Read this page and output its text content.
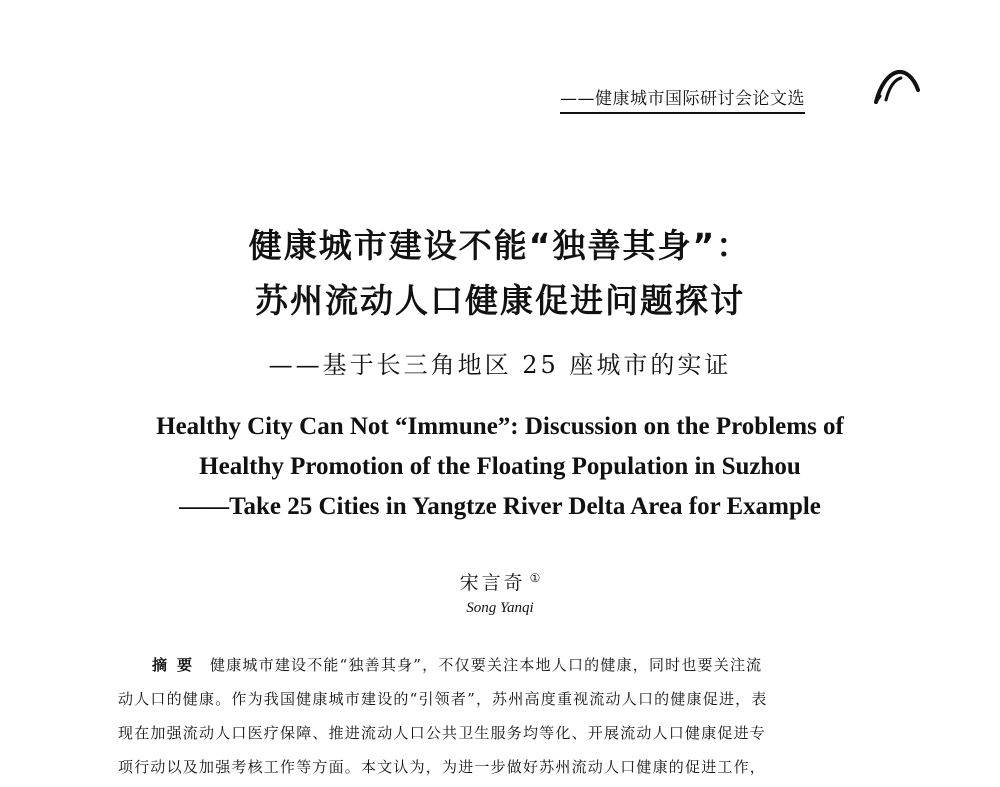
——健康城市国际研讨会论文选
健康城市建设不能“独善其身”：
苏州流动人口健康促进问题探讨
——基于长三角地区 25 座城市的实证
Healthy City Can Not “Immune”: Discussion on the Problems of
Healthy Promotion of the Floating Population in Suzhou
——Take 25 Cities in Yangtze River Delta Area for Example
宋言奇 ①
Song Yanqi
摘要 健康城市建设不能“独善其身”，不仅要关注本地人口的健康，同时也要关注流
动人口的健康。作为我国健康城市建设的“引领者”，苏州高度重视流动人口的健康促进，表
现在加强流动人口医疗保障、推进流动人口公共卫生服务均等化、开展流动人口健康促进专
项行动以及加强考核工作等方面。本文认为，为进一步做好苏州流动人口健康的促进工作，
